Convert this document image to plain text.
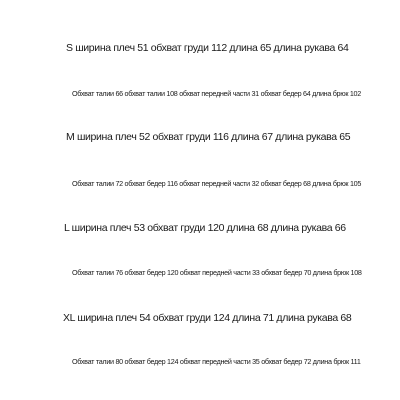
S ширина плеч 51 обхват груди 112 длина 65 длина рукава 64
Обхват талии 66 обхват талии 108 обхват передней части 31 обхват бедер 64 длина брюк 102
M ширина плеч 52 обхват груди 116 длина 67 длина рукава 65
Обхват талии 72 обхват бедер 116 обхват передней части 32 обхват бедер 68 длина брюк 105
L ширина плеч 53 обхват груди 120 длина 68 длина рукава 66
Обхват талии 76 обхват бедер 120 обхват передней части 33 обхват бедер 70 длина брюк 108
XL ширина плеч 54 обхват груди 124 длина 71 длина рукава 68
Обхват талии 80 обхват бедер 124 обхват передней части 35 обхват бедер 72 длина брюк 111
